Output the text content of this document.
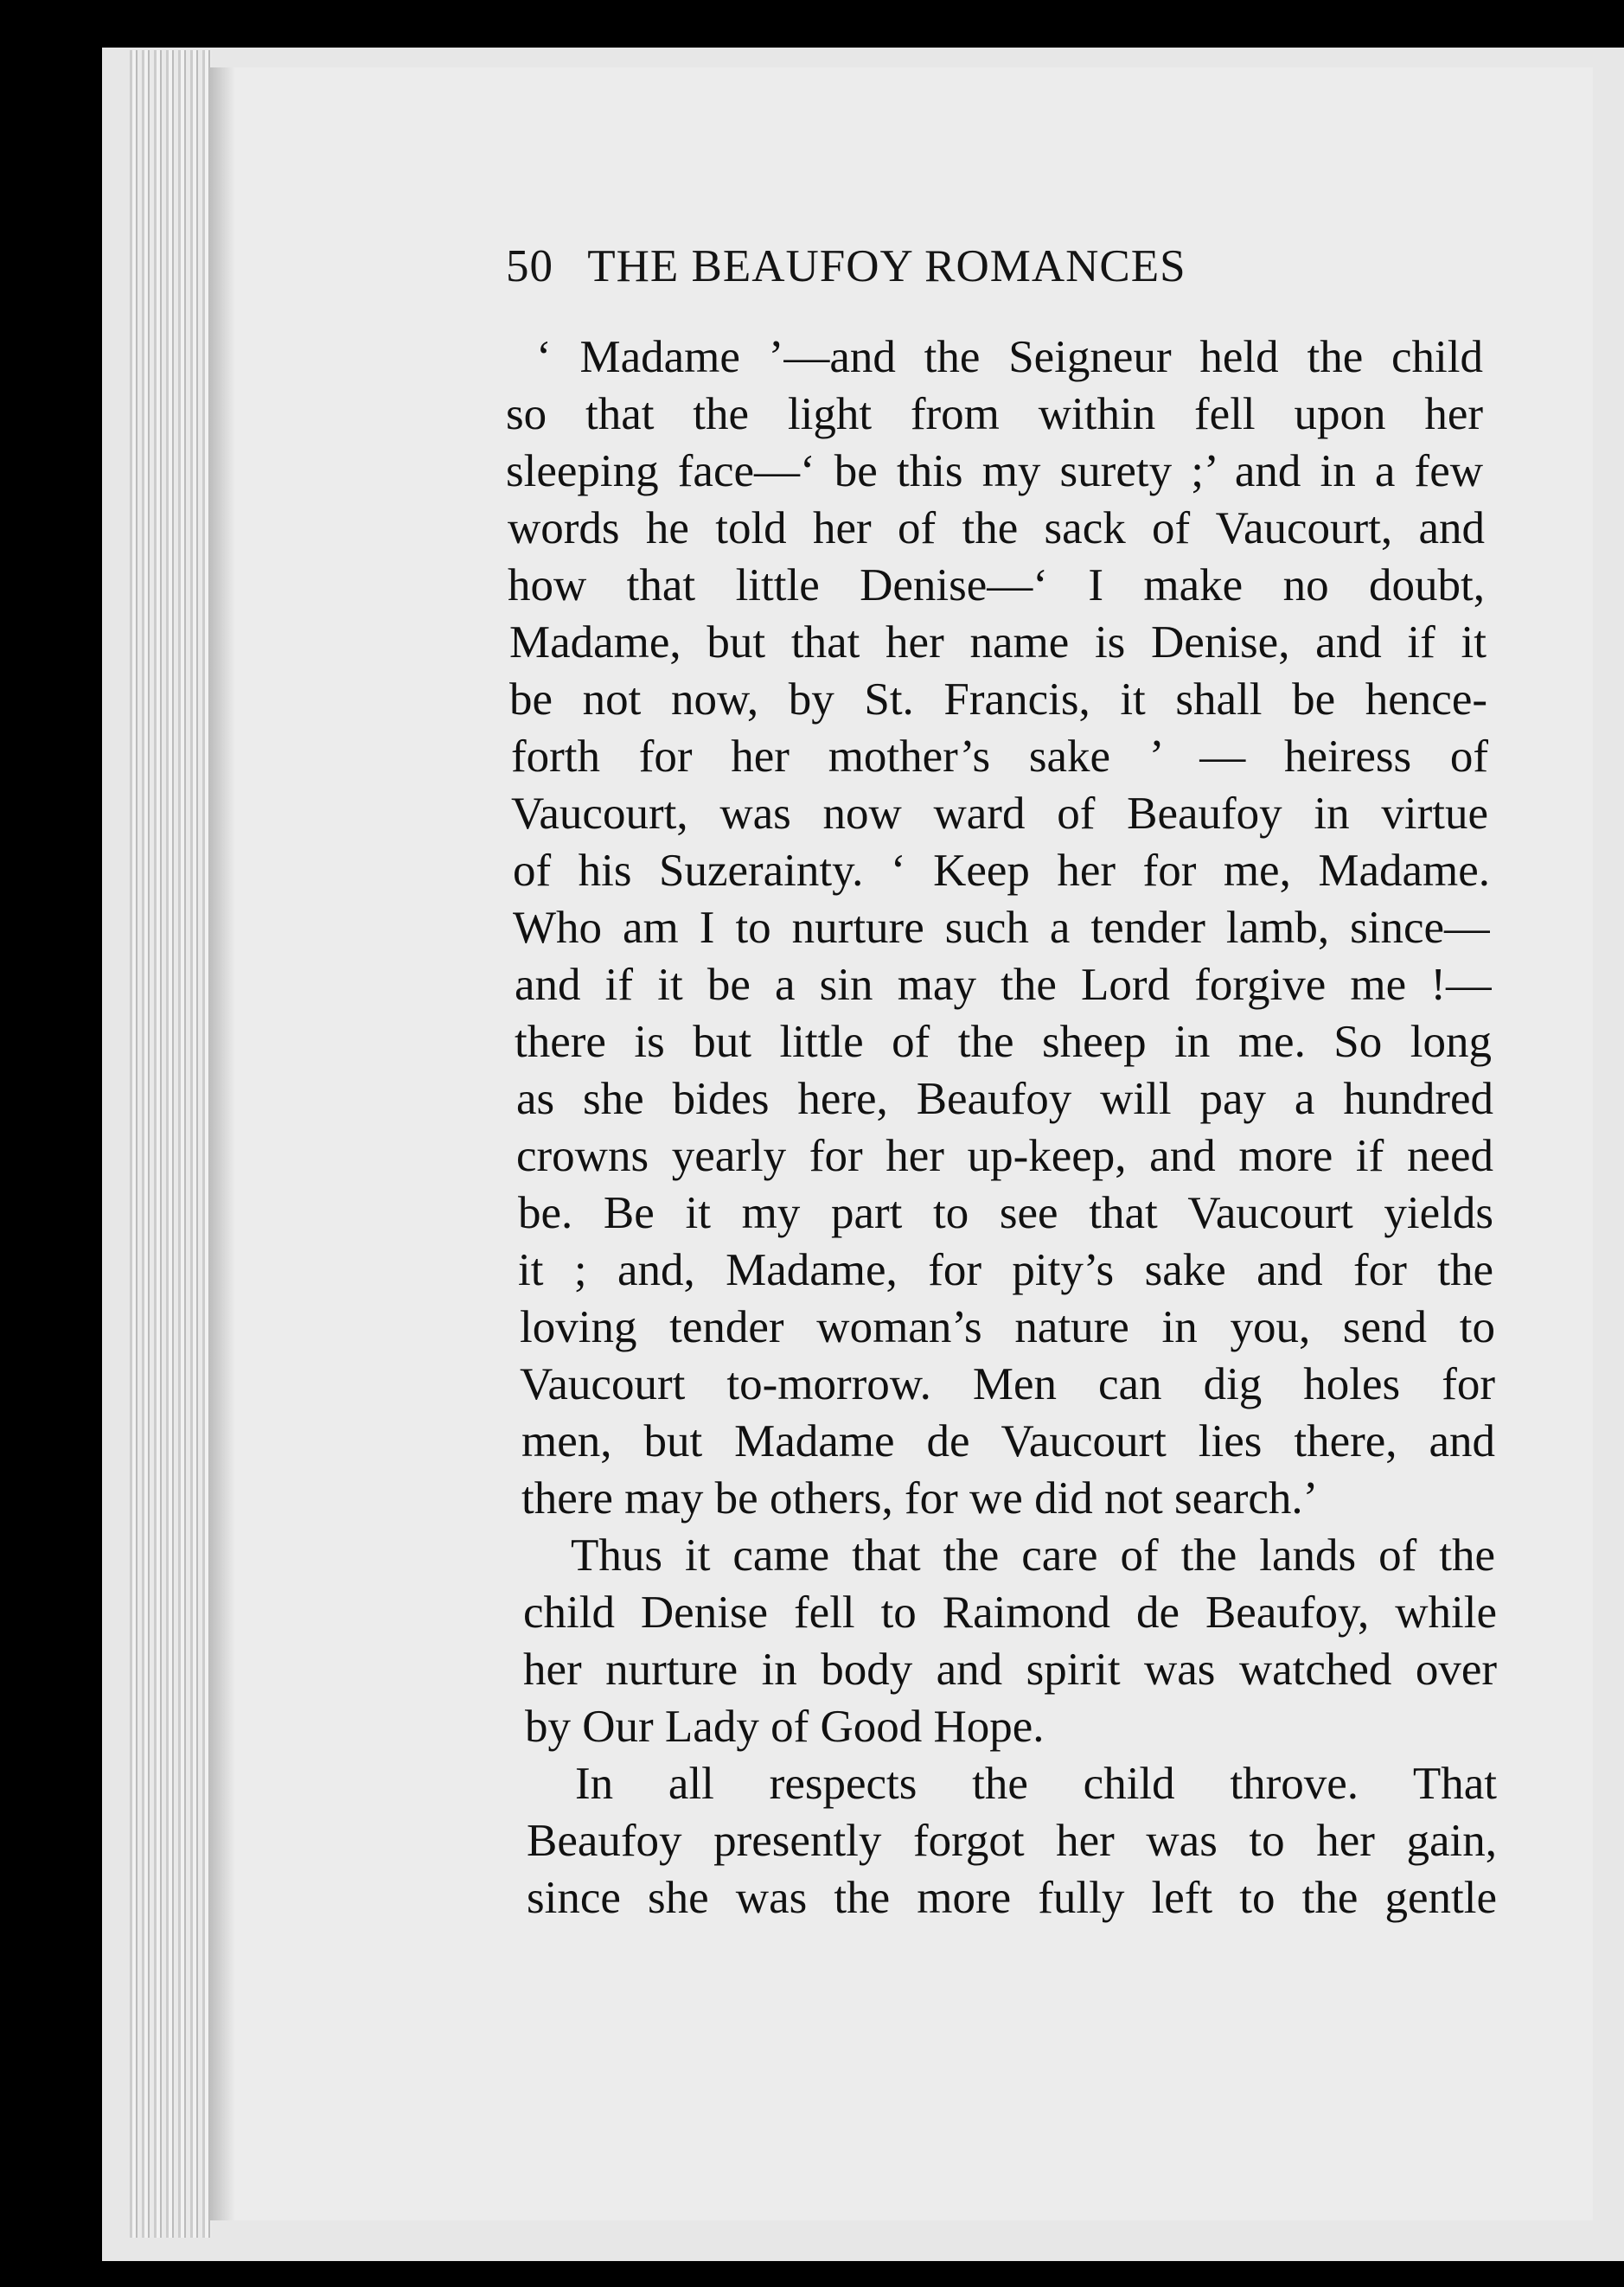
50 THE BEAUFOY ROMANCES
‘ Madame ’—and the Seigneur held the child
so that the light from within fell upon her
sleeping face—‘ be this my surety ;’ and in a few
words he told her of the sack of Vaucourt, and
how that little Denise—‘ I make no doubt,
Madame, but that her name is Denise, and if it
be not now, by St. Francis, it shall be hence-
forth for her mother’s sake ’ — heiress of
Vaucourt, was now ward of Beaufoy in virtue
of his Suzerainty. ‘ Keep her for me, Madame.
Who am I to nurture such a tender lamb, since—
and if it be a sin may the Lord forgive me !—
there is but little of the sheep in me. So long
as she bides here, Beaufoy will pay a hundred
crowns yearly for her up-keep, and more if need
be. Be it my part to see that Vaucourt yields
it ; and, Madame, for pity’s sake and for the
loving tender woman’s nature in you, send to
Vaucourt to-morrow. Men can dig holes for
men, but Madame de Vaucourt lies there, and
there may be others, for we did not search.’
Thus it came that the care of the lands of the
child Denise fell to Raimond de Beaufoy, while
her nurture in body and spirit was watched over
by Our Lady of Good Hope.
In all respects the child throve. That
Beaufoy presently forgot her was to her gain,
since she was the more fully left to the gentle
